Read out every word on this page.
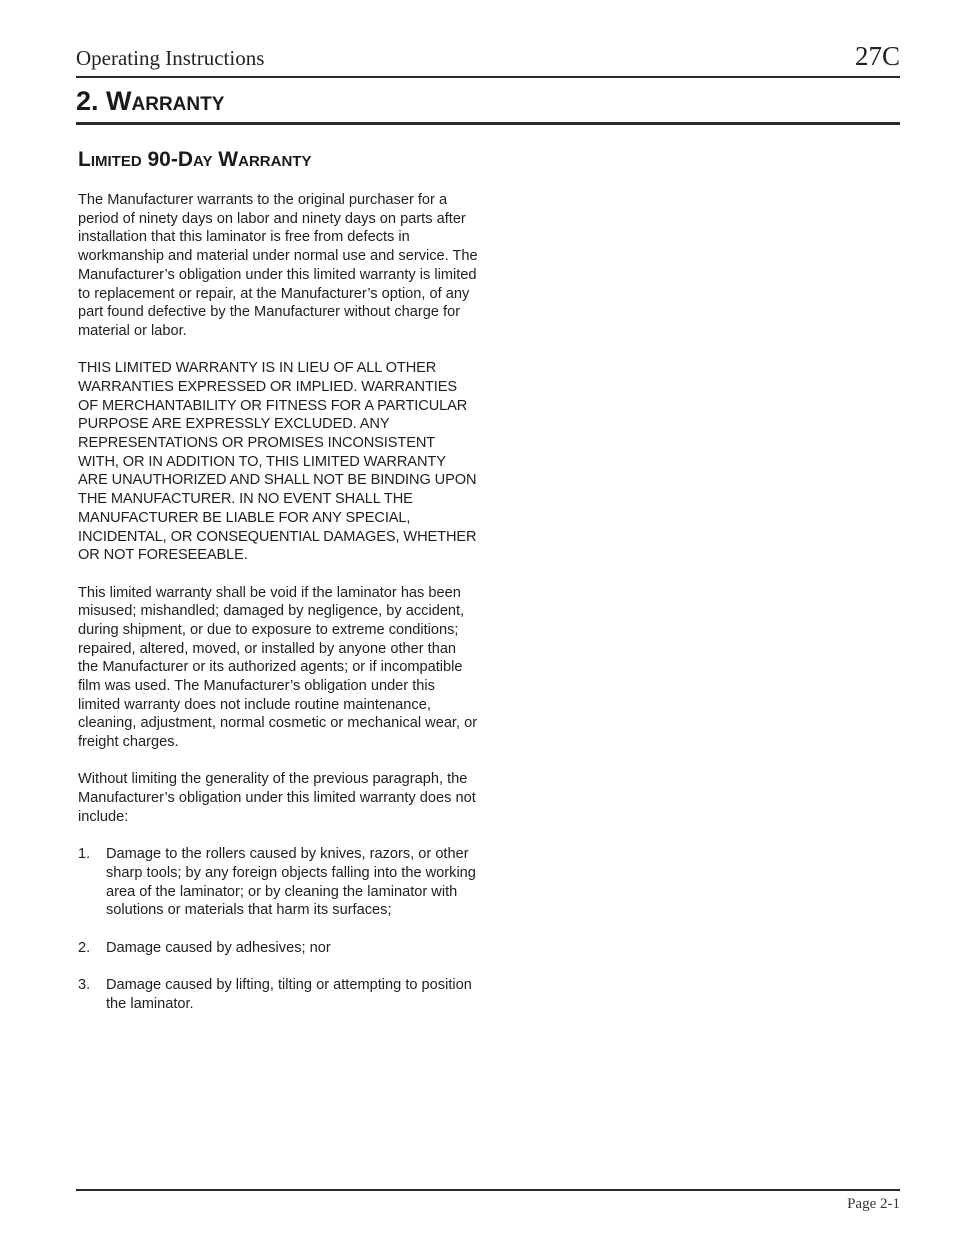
Operating Instructions	27C
2. Warranty
Limited 90-Day Warranty

The Manufacturer warrants to the original purchaser for a period of ninety days on labor and ninety days on parts after installation that this laminator is free from defects in workmanship and material under normal use and service. The Manufacturer’s obligation under this limited warranty is limited to replacement or repair, at the Manufacturer’s option, of any part found defective by the Manufacturer without charge for material or labor.

THIS LIMITED WARRANTY IS IN LIEU OF ALL OTHER WARRANTIES EXPRESSED OR IMPLIED. WARRANTIES OF MERCHANTABILITY OR FITNESS FOR A PARTICULAR PURPOSE ARE EXPRESSLY EXCLUDED. ANY REPRESENTATIONS OR PROMISES INCONSISTENT WITH, OR IN ADDITION TO, THIS LIMITED WARRANTY ARE UNAUTHORIZED AND SHALL NOT BE BINDING UPON THE MANUFACTURER. IN NO EVENT SHALL THE MANUFACTURER BE LIABLE FOR ANY SPECIAL, INCIDENTAL, OR CONSEQUENTIAL DAMAGES, WHETHER OR NOT FORESEEABLE.

This limited warranty shall be void if the laminator has been misused; mishandled; damaged by negligence, by accident, during shipment, or due to exposure to extreme conditions; repaired, altered, moved, or installed by anyone other than the Manufacturer or its authorized agents; or if incompatible film was used. The Manufacturer’s obligation under this limited warranty does not include routine maintenance, cleaning, adjustment, normal cosmetic or mechanical wear, or freight charges.

Without limiting the generality of the previous paragraph, the Manufacturer’s obligation under this limited warranty does not include:

1. Damage to the rollers caused by knives, razors, or other sharp tools; by any foreign objects falling into the working area of the laminator; or by cleaning the laminator with solutions or materials that harm its surfaces;
2. Damage caused by adhesives; nor
3. Damage caused by lifting, tilting or attempting to position the laminator.
Page 2-1
